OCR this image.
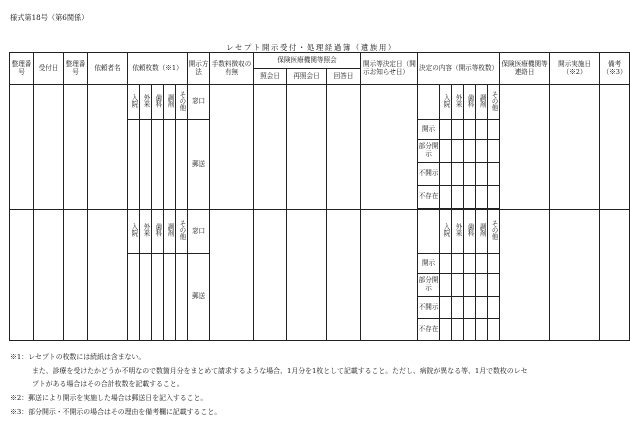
様式第18号（第6関係）
レセプト開示受付・処理経過簿（遺族用）
整理番号	受付日	整理番号	依頼者名	依頼枚数（※1）					開示方法	手数料徴収の有無	保険医療機関等照会			開示等決定日（開示お知らせ日）	決定の内容（開示等枚数）						保険医療機関等連絡日	開示実施日（※2）	備考（※3）
											照会日	再照会日	回答日										
				入院	外来	歯科	調剤	その他	窓口							入院	外来	歯科	調剤	その他			
									郵送						開示								
															部分開示								
															不開示								
															不存在								

				入院	外来	歯科	調剤	その他	窓口							入院	外来	歯科	調剤	その他			
									郵送						開示								
															部分開示								
															不開示								
															不存在								

※1：レセプトの枚数には続紙は含まない。

また、診療を受けたかどうか不明なので数箇月分をまとめて請求するような場合、1月分を1枚として記載すること。ただし、病院が異なる等、1月で数枚のレセ

プトがある場合はその合計枚数を記載すること。

※2：郵送により開示を実施した場合は郵送日を記入すること。

※3：部分開示・不開示の場合はその理由を備考欄に記載すること。
